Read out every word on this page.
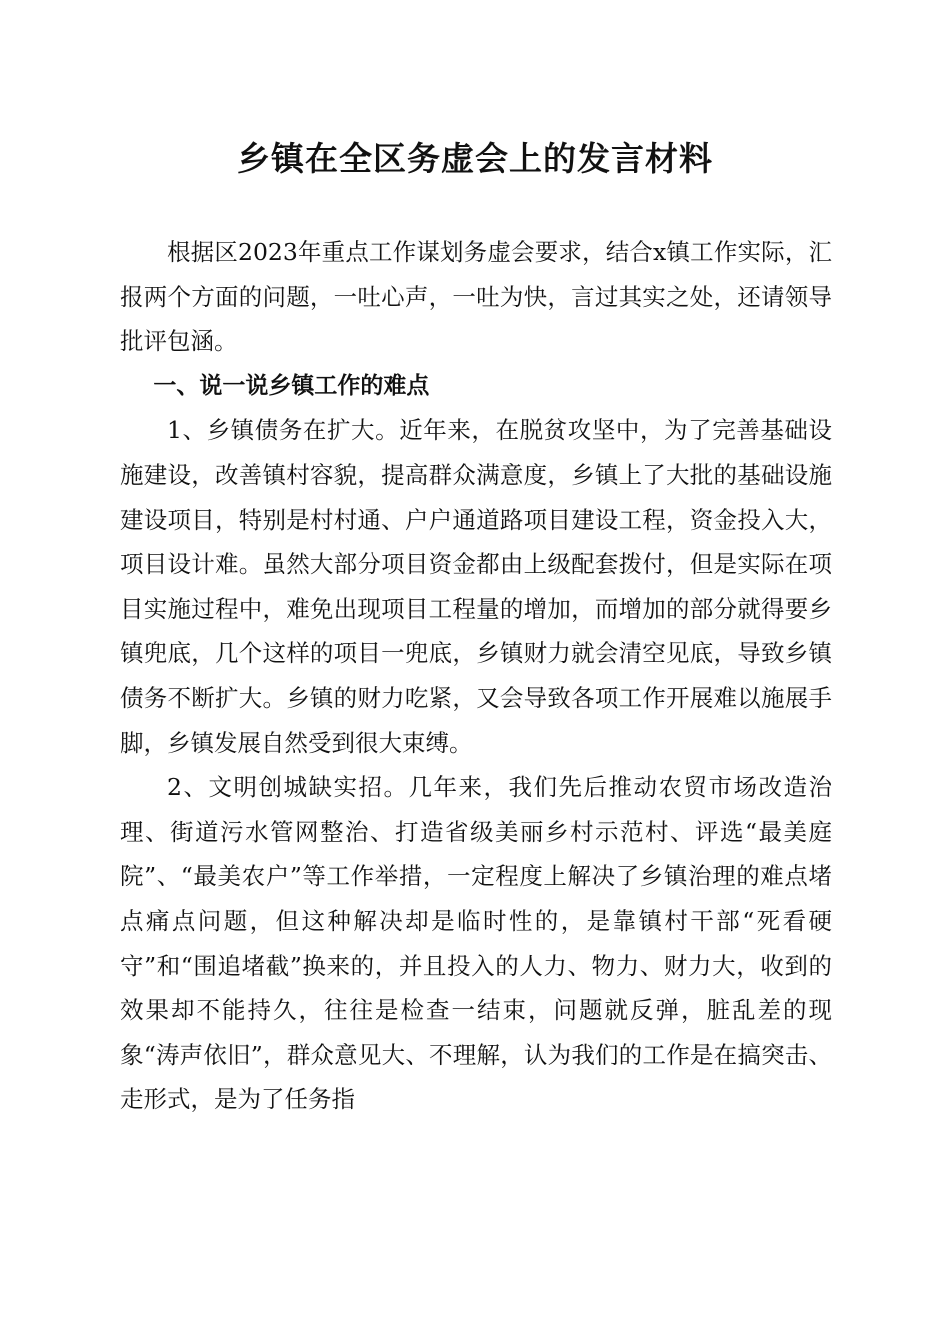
乡镇在全区务虚会上的发言材料

根据区2023年重点工作谋划务虚会要求，结合x镇工作实际，汇报两个方面的问题，一吐心声，一吐为快，言过其实之处，还请领导批评包涵。

一、说一说乡镇工作的难点

1、乡镇债务在扩大。近年来，在脱贫攻坚中，为了完善基础设施建设，改善镇村容貌，提高群众满意度，乡镇上了大批的基础设施建设项目，特别是村村通、户户通道路项目建设工程，资金投入大，项目设计难。虽然大部分项目资金都由上级配套拨付，但是实际在项目实施过程中，难免出现项目工程量的增加，而增加的部分就得要乡镇兜底，几个这样的项目一兜底，乡镇财力就会清空见底，导致乡镇债务不断扩大。乡镇的财力吃紧，又会导致各项工作开展难以施展手脚，乡镇发展自然受到很大束缚。

2、文明创城缺实招。几年来，我们先后推动农贸市场改造治理、街道污水管网整治、打造省级美丽乡村示范村、评选“最美庭院”、“最美农户”等工作举措，一定程度上解决了乡镇治理的难点堵点痛点问题，但这种解决却是临时性的，是靠镇村干部“死看硬守”和“围追堵截”换来的，并且投入的人力、物力、财力大，收到的效果却不能持久，往往是检查一结束，问题就反弹，脏乱差的现象“涛声依旧”，群众意见大、不理解，认为我们的工作是在搞突击、走形式，是为了任务指
